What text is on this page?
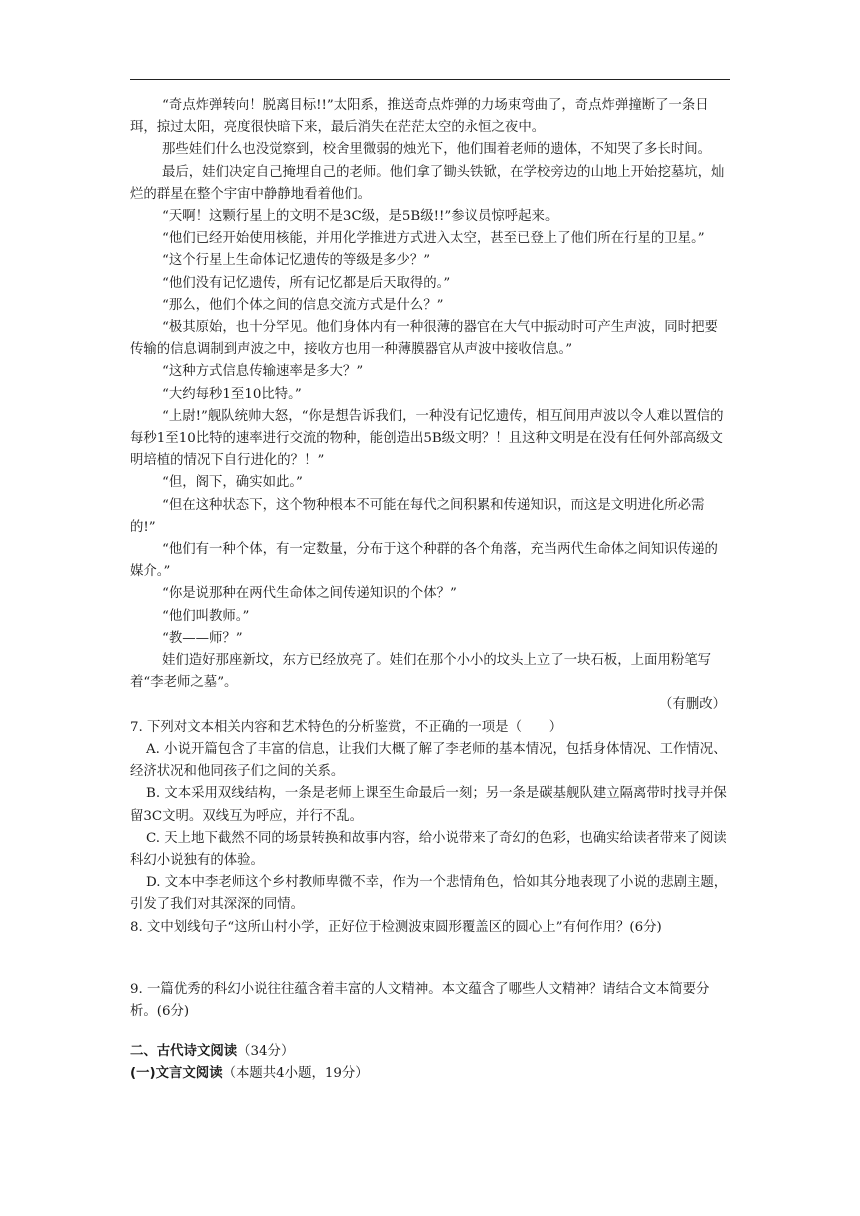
“奇点炸弹转向！脱离目标!!”太阳系，推送奇点炸弹的力场束弯曲了，奇点炸弹撞断了一条日珥，掠过太阳，亮度很快暗下来，最后消失在茫茫太空的永恒之夜中。

那些娃们什么也没觉察到，校舍里微弱的烛光下，他们围着老师的遗体，不知哭了多长时间。

最后，娃们决定自己掩埋自己的老师。他们拿了锄头铁锨，在学校旁边的山地上开始挖墓坑，灿烂的群星在整个宇宙中静静地看着他们。

“天啊！这颗行星上的文明不是3C级，是5B级!!”参议员惊呼起来。

“他们已经开始使用核能，并用化学推进方式进入太空，甚至已登上了他们所在行星的卫星。”

“这个行星上生命体记忆遗传的等级是多少？”

“他们没有记忆遗传，所有记忆都是后天取得的。”

“那么，他们个体之间的信息交流方式是什么？”

“极其原始，也十分罕见。他们身体内有一种很薄的器官在大气中振动时可产生声波，同时把要传输的信息调制到声波之中，接收方也用一种薄膜器官从声波中接收信息。”

“这种方式信息传输速率是多大？”

“大约每秒1至10比特。”

“上尉!”舰队统帅大怒，“你是想告诉我们，一种没有记忆遗传，相互间用声波以令人难以置信的每秒1至10比特的速率进行交流的物种，能创造出5B级文明？！且这种文明是在没有任何外部高级文明培植的情况下自行进化的？！”

“但，阁下，确实如此。”

“但在这种状态下，这个物种根本不可能在每代之间积累和传递知识，而这是文明进化所必需的!”

“他们有一种个体，有一定数量，分布于这个种群的各个角落，充当两代生命体之间知识传递的媒介。”

“你是说那种在两代生命体之间传递知识的个体？”

“他们叫教师。”

“教——师？”

娃们造好那座新坟，东方已经放亮了。娃们在那个小小的坟头上立了一块石板，上面用粉笔写着“李老师之墓”。

（有删改）

7. 下列对文本相关内容和艺术特色的分析鉴赏，不正确的一项是（　　）

A. 小说开篇包含了丰富的信息，让我们大概了解了李老师的基本情况，包括身体情况、工作情况、经济状况和他同孩子们之间的关系。

B. 文本采用双线结构，一条是老师上课至生命最后一刻；另一条是碳基舰队建立隔离带时找寻并保留3C文明。双线互为呼应，并行不乱。

C. 天上地下截然不同的场景转换和故事内容，给小说带来了奇幻的色彩，也确实给读者带来了阅读科幻小说独有的体验。

D. 文本中李老师这个乡村教师卑微不幸，作为一个悲情角色，恰如其分地表现了小说的悲剧主题，引发了我们对其深深的同情。

8. 文中划线句子“这所山村小学，正好位于检测波束圆形覆盖区的圆心上”有何作用？(6分)

9. 一篇优秀的科幻小说往往蕴含着丰富的人文精神。本文蕴含了哪些人文精神？请结合文本简要分析。(6分)

二、古代诗文阅读（34分）

(一)文言文阅读（本题共4小题，19分）
